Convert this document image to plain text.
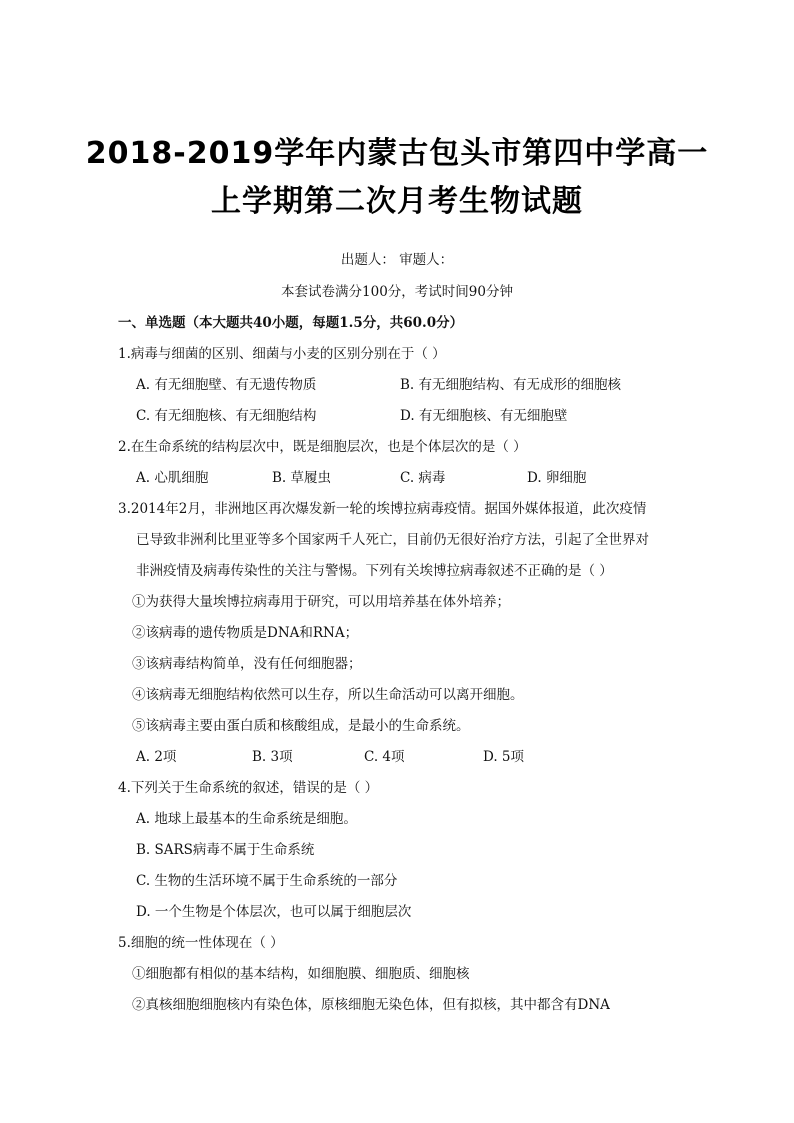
2018-2019学年内蒙古包头市第四中学高一
上学期第二次月考生物试题
出题人： 审题人：
本套试卷满分100分，考试时间90分钟
一、单选题（本大题共40小题，每题1.5分，共60.0分）
1.病毒与细菌的区别、细菌与小麦的区别分别在于（ ）
A. 有无细胞壁、有无遗传物质	B. 有无细胞结构、有无成形的细胞核
C. 有无细胞核、有无细胞结构	D. 有无细胞核、有无细胞壁
2.在生命系统的结构层次中，既是细胞层次，也是个体层次的是（ ）
A. 心肌细胞	B. 草履虫	C. 病毒	D. 卵细胞
3.2014年2月，非洲地区再次爆发新一轮的埃博拉病毒疫情。据国外媒体报道，此次疫情
已导致非洲利比里亚等多个国家两千人死亡，目前仍无很好治疗方法，引起了全世界对
非洲疫情及病毒传染性的关注与警惕。下列有关埃博拉病毒叙述不正确的是（ ）
①为获得大量埃博拉病毒用于研究，可以用培养基在体外培养；
②该病毒的遗传物质是DNA和RNA；
③该病毒结构简单，没有任何细胞器；
④该病毒无细胞结构依然可以生存，所以生命活动可以离开细胞。
⑤该病毒主要由蛋白质和核酸组成，是最小的生命系统。
A. 2项	B. 3项	C. 4项	D. 5项
4.下列关于生命系统的叙述，错误的是（ ）
A. 地球上最基本的生命系统是细胞。
B. SARS病毒不属于生命系统
C. 生物的生活环境不属于生命系统的一部分
D. 一个生物是个体层次，也可以属于细胞层次
5.细胞的统一性体现在（ ）
①细胞都有相似的基本结构，如细胞膜、细胞质、细胞核
②真核细胞细胞核内有染色体，原核细胞无染色体，但有拟核，其中都含有DNA
